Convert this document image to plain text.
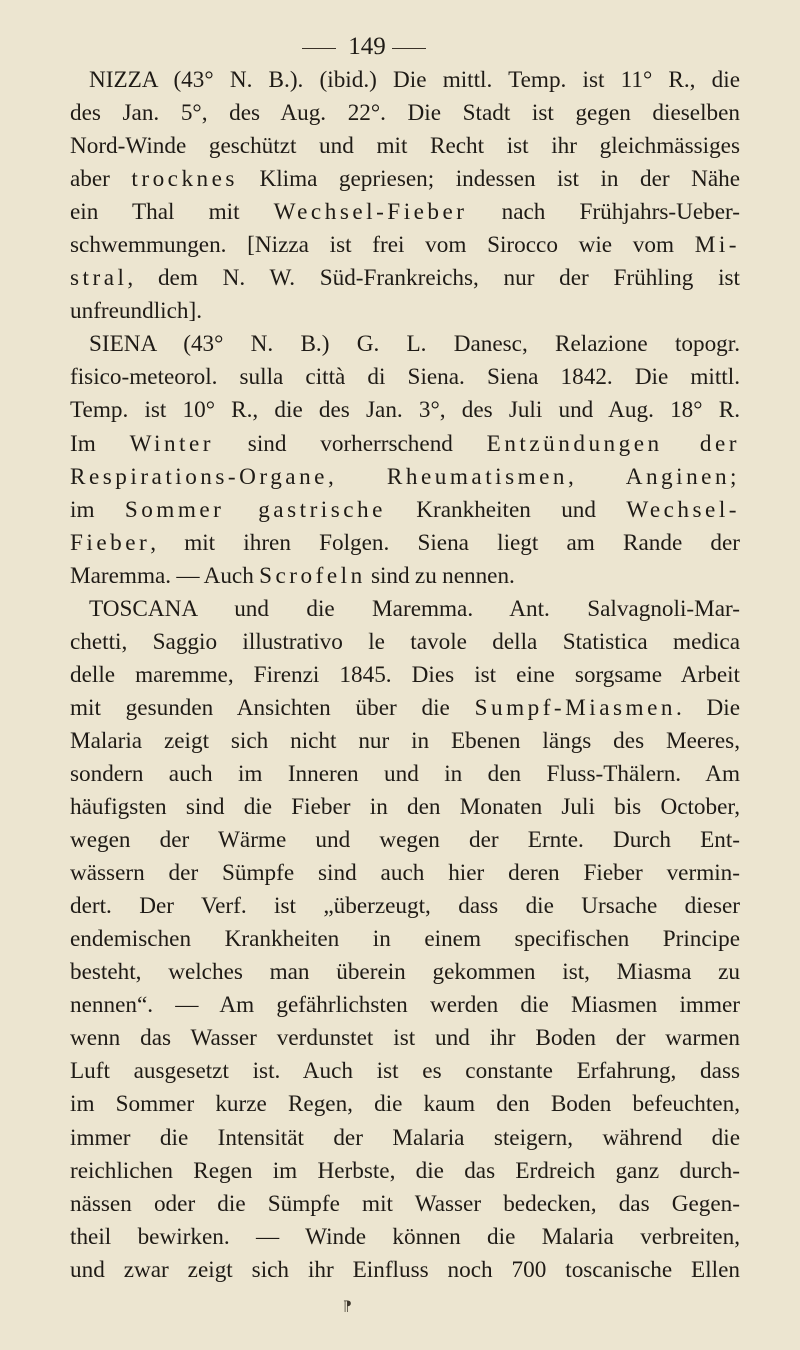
149
NIZZA (43° N. B.). (ibid.) Die mittl. Temp. ist 11° R., die
des Jan. 5°, des Aug. 22°. Die Stadt ist gegen dieselben
Nord-Winde geschützt und mit Recht ist ihr gleichmässiges
aber trocknes Klima gepriesen; indessen ist in der Nähe
ein Thal mit Wechsel-Fieber nach Frühjahrs-Ueber-
schwemmungen. [Nizza ist frei vom Sirocco wie vom Mi-
stral, dem N. W. Süd-Frankreichs, nur der Frühling ist
unfreundlich].
SIENA (43° N. B.) G. L. Danesc, Relazione topogr.
fisico-meteorol. sulla città di Siena. Siena 1842. Die mittl.
Temp. ist 10° R., die des Jan. 3°, des Juli und Aug. 18° R.
Im Winter sind vorherrschend Entzündungen der
Respirations-Organe, Rheumatismen, Anginen;
im Sommer gastrische Krankheiten und Wechsel-
Fieber, mit ihren Folgen. Siena liegt am Rande der
Maremma. — Auch Scrofeln sind zu nennen.
TOSCANA und die Maremma. Ant. Salvagnoli-Mar-
chetti, Saggio illustrativo le tavole della Statistica medica
delle maremme, Firenzi 1845. Dies ist eine sorgsame Arbeit
mit gesunden Ansichten über die Sumpf-Miasmen. Die
Malaria zeigt sich nicht nur in Ebenen längs des Meeres,
sondern auch im Inneren und in den Fluss-Thälern. Am
häufigsten sind die Fieber in den Monaten Juli bis October,
wegen der Wärme und wegen der Ernte. Durch Ent-
wässern der Sümpfe sind auch hier deren Fieber vermin-
dert. Der Verf. ist „überzeugt, dass die Ursache dieser
endemischen Krankheiten in einem specifischen Principe
besteht, welches man überein gekommen ist, Miasma zu
nennen“. — Am gefährlichsten werden die Miasmen immer
wenn das Wasser verdunstet ist und ihr Boden der warmen
Luft ausgesetzt ist. Auch ist es constante Erfahrung, dass
im Sommer kurze Regen, die kaum den Boden befeuchten,
immer die Intensität der Malaria steigern, während die
reichlichen Regen im Herbste, die das Erdreich ganz durch-
nässen oder die Sümpfe mit Wasser bedecken, das Gegen-
theil bewirken. — Winde können die Malaria verbreiten,
und zwar zeigt sich ihr Einfluss noch 700 toscanische Ellen
⁋
